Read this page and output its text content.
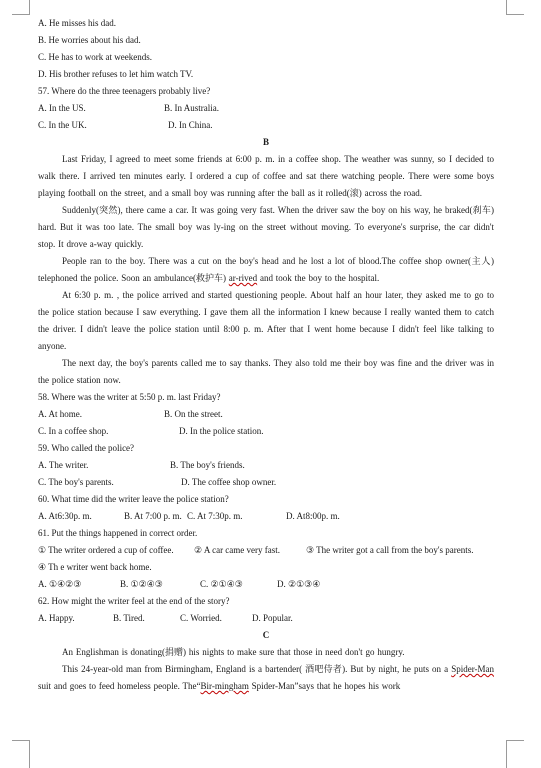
A. He misses his dad.
B. He worries about his dad.
C. He has to work at weekends.
D. His brother refuses to let him watch TV.
57. Where do the three teenagers probably live?
A. In the US.	B. In Australia.
C. In the UK.	D. In China.
B

Last Friday, I agreed to meet some friends at 6:00 p. m. in a coffee shop. The weather was sunny, so I decided to walk there. I arrived ten minutes early. I ordered a cup of coffee and sat there watching people. There were some boys playing football on the street, and a small boy was running after the ball as it rolled(滚) across the road.

Suddenly(突然), there came a car. It was going very fast. When the driver saw the boy on his way, he braked(刹车) hard. But it was too late. The small boy was ly-ing on the street without moving. To everyone's surprise, the car didn't stop. It drove a-way quickly.

People ran to the boy. There was a cut on the boy's head and he lost a lot of blood.The coffee shop owner(主人) telephoned the police. Soon an ambulance(救护车) ar-rived and took the boy to the hospital.

At 6:30 p. m. , the police arrived and started questioning people. About half an hour later, they asked me to go to the police station because I saw everything. I gave them all the information I knew because I really wanted them to catch the driver. I didn't leave the police station until 8:00 p. m. After that I went home because I didn't feel like talking to anyone.

The next day, the boy's parents called me to say thanks. They also told me their boy was fine and the driver was in the police station now.

58. Where was the writer at 5:50 p. m. last Friday?
A. At home.	B. On the street.
C. In a coffee shop.	D. In the police station.
59. Who called the police?
A. The writer.	B. The boy's friends.
C. The boy's parents.	D. The coffee shop owner.
60. What time did the writer leave the police station?
A. At6:30p. m.	B. At 7:00 p. m. C. At 7:30p. m.	D. At8:00p. m.
61. Put the things happened in correct order.
① The writer ordered a cup of coffee.	② A car came very fast.	③ The writer got a call from the boy's parents.
④ Th e writer went back home.
A. ①④②③	B. ①②④③	C. ②①④③	D. ②①③④
62. How might the writer feel at the end of the story?
A. Happy.	B. Tired.	C. Worried.	D. Popular.
C

An Englishman is donating(捐赠) his nights to make sure that those in need don't go hungry.

This 24-year-old man from Birmingham, England is a bartender( 酒吧侍者). But by night, he puts on a Spider-Man suit and goes to feed homeless people. The“Bir-mingham Spider-Man”says that he hopes his work
